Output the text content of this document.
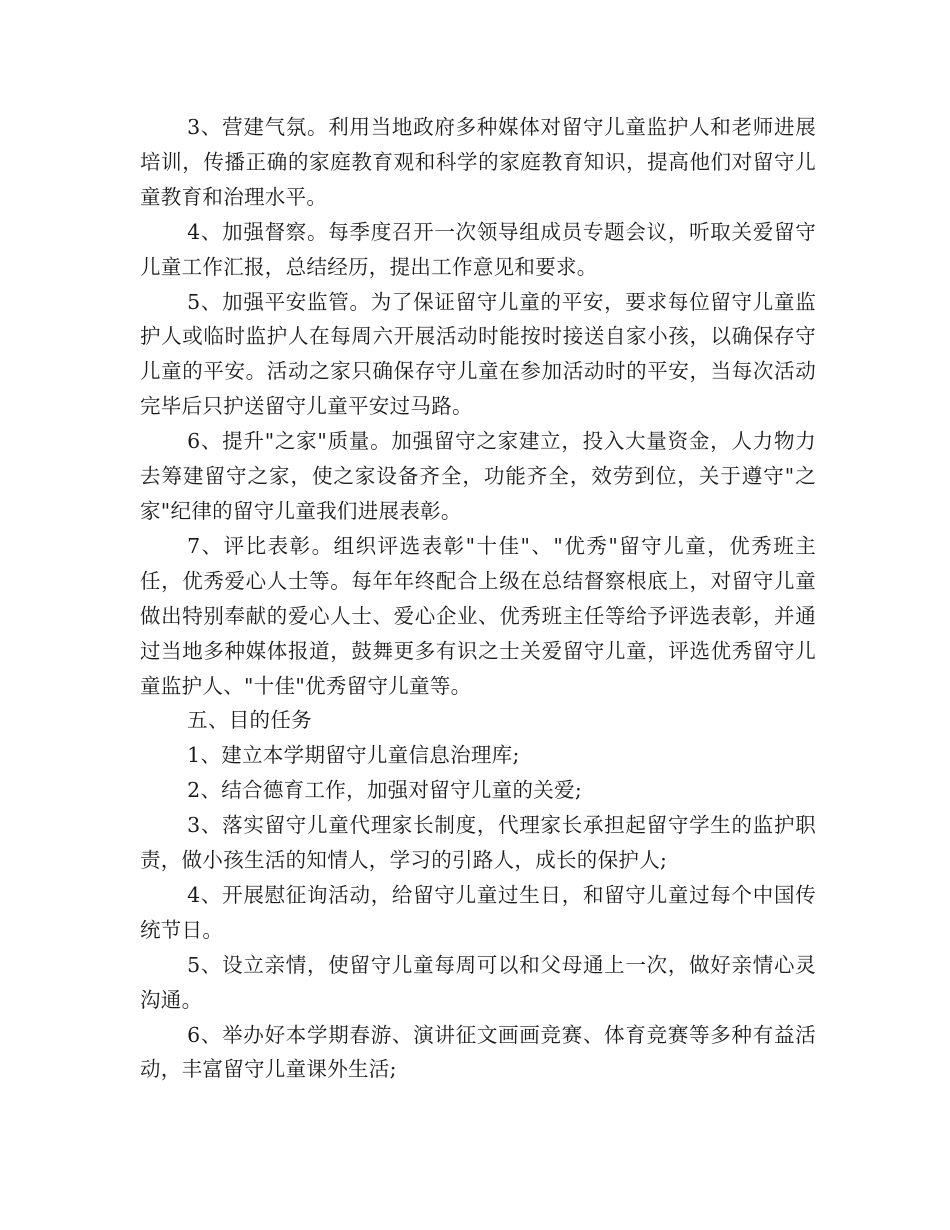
3、营建气氛。利用当地政府多种媒体对留守儿童监护人和老师进展培训，传播正确的家庭教育观和科学的家庭教育知识，提高他们对留守儿童教育和治理水平。

4、加强督察。每季度召开一次领导组成员专题会议，听取关爱留守儿童工作汇报，总结经历，提出工作意见和要求。

5、加强平安监管。为了保证留守儿童的平安，要求每位留守儿童监护人或临时监护人在每周六开展活动时能按时接送自家小孩，以确保存守儿童的平安。活动之家只确保存守儿童在参加活动时的平安，当每次活动完毕后只护送留守儿童平安过马路。

6、提升"之家"质量。加强留守之家建立，投入大量资金，人力物力去筹建留守之家，使之家设备齐全，功能齐全，效劳到位，关于遵守"之家"纪律的留守儿童我们进展表彰。

7、评比表彰。组织评选表彰"十佳"、"优秀"留守儿童，优秀班主任，优秀爱心人士等。每年年终配合上级在总结督察根底上，对留守儿童做出特别奉献的爱心人士、爱心企业、优秀班主任等给予评选表彰，并通过当地多种媒体报道，鼓舞更多有识之士关爱留守儿童，评选优秀留守儿童监护人、"十佳"优秀留守儿童等。

五、目的任务

1、建立本学期留守儿童信息治理库;

2、结合德育工作，加强对留守儿童的关爱;

3、落实留守儿童代理家长制度，代理家长承担起留守学生的监护职责，做小孩生活的知情人，学习的引路人，成长的保护人;

4、开展慰征询活动，给留守儿童过生日，和留守儿童过每个中国传统节日。

5、设立亲情，使留守儿童每周可以和父母通上一次，做好亲情心灵沟通。

6、举办好本学期春游、演讲征文画画竞赛、体育竞赛等多种有益活动，丰富留守儿童课外生活;
